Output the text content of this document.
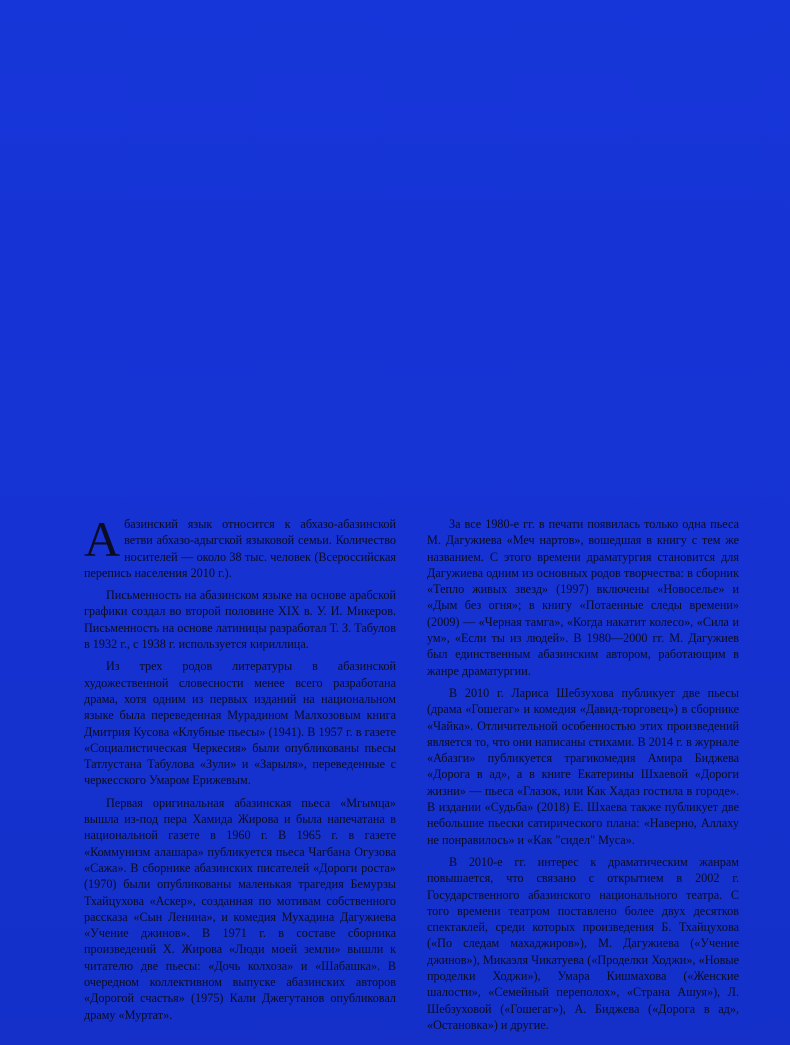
Абазинский язык относится к абхазо-абазинской ветви абхазо-адыгской языковой семьи. Количество носителей — около 38 тыс. человек (Всероссийская перепись населения 2010 г.).

Письменность на абазинском языке на основе арабской графики создал во второй половине XIX в. У. И. Микеров. Письменность на основе латиницы разработал Т. З. Табулов в 1932 г., с 1938 г. используется кириллица.

Из трех родов литературы в абазинской художественной словесности менее всего разработана драма, хотя одним из первых изданий на национальном языке была переведенная Мурадином Малхозовым книга Дмитрия Кусова «Клубные пьесы» (1941). В 1957 г. в газете «Социалистическая Черкесия» были опубликованы пьесы Татлустана Табулова «Зули» и «Зарыля», переведенные с черкесского Умаром Ерижевым.

Первая оригинальная абазинская пьеса «Мгымца» вышла из-под пера Хамида Жирова и была напечатана в национальной газете в 1960 г. В 1965 г. в газете «Коммунизм алашара» публикуется пьеса Чагбана Огузова «Сажа». В сборнике абазинских писателей «Дороги роста» (1970) были опубликованы маленькая трагедия Бемурзы Тхайцухова «Аскер», созданная по мотивам собственного рассказа «Сын Ленина», и комедия Мухадина Дагужиева «Учение джинов». В 1971 г. в составе сборника произведений Х. Жирова «Люди моей земли» вышли к читателю две пьесы: «Дочь колхоза» и «Шабашка». В очередном коллективном выпуске абазинских авторов «Дорогой счастья» (1975) Кали Джегутанов опубликовал драму «Муртат».

За все 1980-е гг. в печати появилась только одна пьеса М. Дагужиева «Меч нартов», вошедшая в книгу с тем же названием. С этого времени драматургия становится для Дагужиева одним из основных родов творчества: в сборник «Тепло живых звезд» (1997) включены «Новоселье» и «Дым без огня»; в книгу «Потаенные следы времени» (2009) — «Черная тамга», «Когда накатит колесо», «Сила и ум», «Если ты из людей». В 1980—2000 гг. М. Дагужиев был единственным абазинским автором, работающим в жанре драматургии.

В 2010 г. Лариса Шебзухова публикует две пьесы (драма «Гошегаг» и комедия «Давид-торговец») в сборнике «Чайка». Отличительной особенностью этих произведений является то, что они написаны стихами. В 2014 г. в журнале «Абазги» публикуется трагикомедия Амира Биджева «Дорога в ад», а в книге Екатерины Шхаевой «Дороги жизни» — пьеса «Глазок, или Как Хадаз гостила в городе». В издании «Судьба» (2018) Е. Шхаева также публикует две небольшие пьески сатирического плана: «Наверно, Аллаху не понравилось» и «Как "сидел" Муса».

В 2010-е гг. интерес к драматическим жанрам повышается, что связано с открытием в 2002 г. Государственного абазинского национального театра. С того времени театром поставлено более двух десятков спектаклей, среди которых произведения Б. Тхайцухова («По следам махаджиров»), М. Дагужиева («Учение джинов»), Микаэля Чикатуева («Проделки Ходжи», «Новые проделки Ходжи»), Умара Кишмахова («Женские шалости», «Семейный переполох», «Страна Ашуя»), Л. Шебзуховой («Гошегаг»), А. Биджева («Дорога в ад», «Остановка») и другие.
